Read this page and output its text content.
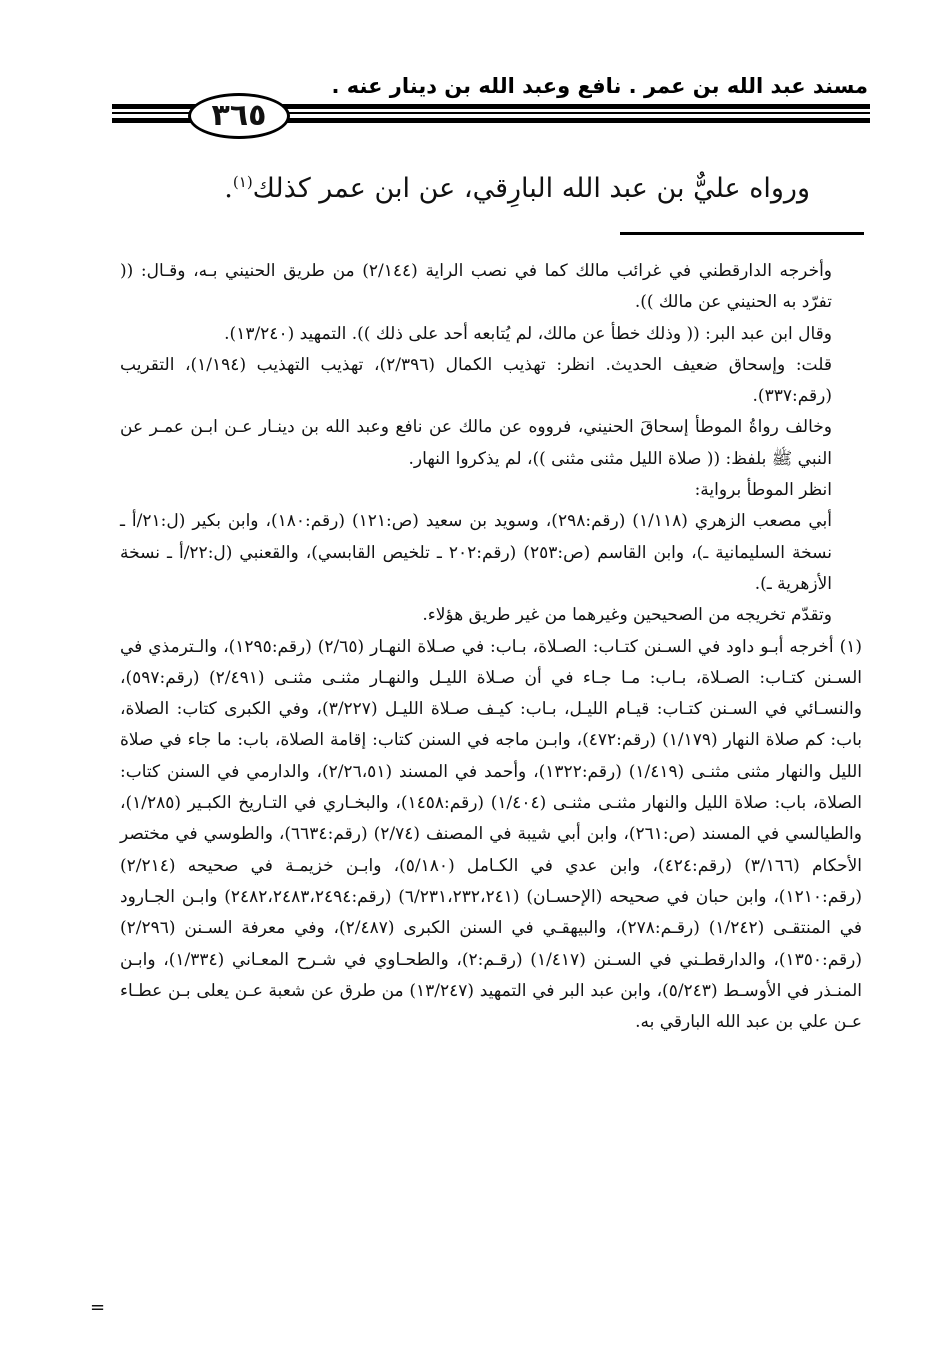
مسند عبد الله بن عمر . نافع وعبد الله بن دينار عنه .
٣٦٥
ورواه عليٌّ بن عبد الله البارِقي، عن ابن عمر كذلك$^{(١)}$.

وأخرجه الدارقطني في غرائب مالك كما في نصب الراية (٢/١٤٤) من طريق الحنيني بـه، وقـال: (( تفرّد به الحنيني عن مالك )).

وقال ابن عبد البر: (( وذلك خطأ عن مالك، لم يُتابعه أحد على ذلك )). التمهيد (١٣/٢٤٠).

قلت: وإسحاق ضعيف الحديث. انظر: تهذيب الكمال (٢/٣٩٦)، تهذيب التهذيب (١/١٩٤)، التقريب (رقم:٣٣٧).

وخالف رواةُ الموطأ إسحاقَ الحنيني، فرووه عن مالك عن نافع وعبد الله بن دينـار عـن ابـن عمـر عن النبي ﷺ بلفظ: (( صلاة الليل مثنى مثنى ))، لم يذكروا النهار.

انظر الموطأ برواية:

أبي مصعب الزهري (١/١١٨) (رقم:٢٩٨)، وسويد بن سعيد (ص:١٢١) (رقم:١٨٠)، وابن بكير (ل:٢١/أ ـ نسخة السليمانية ـ)، وابن القاسم (ص:٢٥٣) (رقم:٢٠٢ ـ تلخيص القابسي)، والقعنبي (ل:٢٢/أ ـ نسخة الأزهرية ـ).

وتقدّم تخريجه من الصحيحين وغيرهما من غير طريق هؤلاء.

(١) أخرجه أبـو داود في السـنن كتـاب: الصـلاة، بـاب: في صـلاة النهـار (٢/٦٥) (رقم:١٢٩٥)، والـترمذي في السـنن كتـاب: الصـلاة، بـاب: مـا جـاء في أن صـلاة الليـل والنهـار مثنـى مثنـى (٢/٤٩١) (رقم:٥٩٧)، والنسـائي في السـنن كتـاب: قيـام الليـل، بـاب: كيـف صـلاة الليـل (٣/٢٢٧)، وفي الكبرى كتاب: الصلاة، باب: كم صلاة النهار (١/١٧٩) (رقم:٤٧٢)، وابـن ماجه في السنن كتاب: إقامة الصلاة، باب: ما جاء في صلاة الليل والنهار مثنى مثنـى (١/٤١٩) (رقم:١٣٢٢)، وأحمد في المسند (٢/٢٦،٥١)، والدارمي في السنن كتاب: الصلاة، باب: صلاة الليل والنهار مثنـى مثنـى (١/٤٠٤) (رقم:١٤٥٨)، والبخـاري في التـاريخ الكبـير (١/٢٨٥)، والطيالسي في المسند (ص:٢٦١)، وابن أبي شيبة في المصنف (٢/٧٤) (رقم:٦٦٣٤)، والطوسي في مختصر الأحكام (٣/١٦٦) (رقم:٤٢٤)، وابن عدي في الكـامل (٥/١٨٠)، وابـن خزيمـة في صحيحه (٢/٢١٤) (رقم:١٢١٠)، وابن حبان في صحيحه (الإحسـان) (٦/٢٣١،٢٣٢،٢٤١) (رقم:٢٤٨٢،٢٤٨٣،٢٤٩٤) وابـن الجـارود في المنتقـى (١/٢٤٢) (رقـم:٢٧٨)، والبيهقـي في السنن الكبرى (٢/٤٨٧)، وفي معرفة السـنن (٢/٢٩٦) (رقم:١٣٥٠)، والدارقطـني في السـنن (١/٤١٧) (رقـم:٢)، والطحـاوي في شـرح المعـاني (١/٣٣٤)، وابـن المنـذر في الأوسـط (٥/٢٤٣)، وابن عبد البر في التمهيد (١٣/٢٤٧) من طرق عن شعبة عـن يعلى بـن عطـاء عـن علي بن عبد الله البارقي به.

=
